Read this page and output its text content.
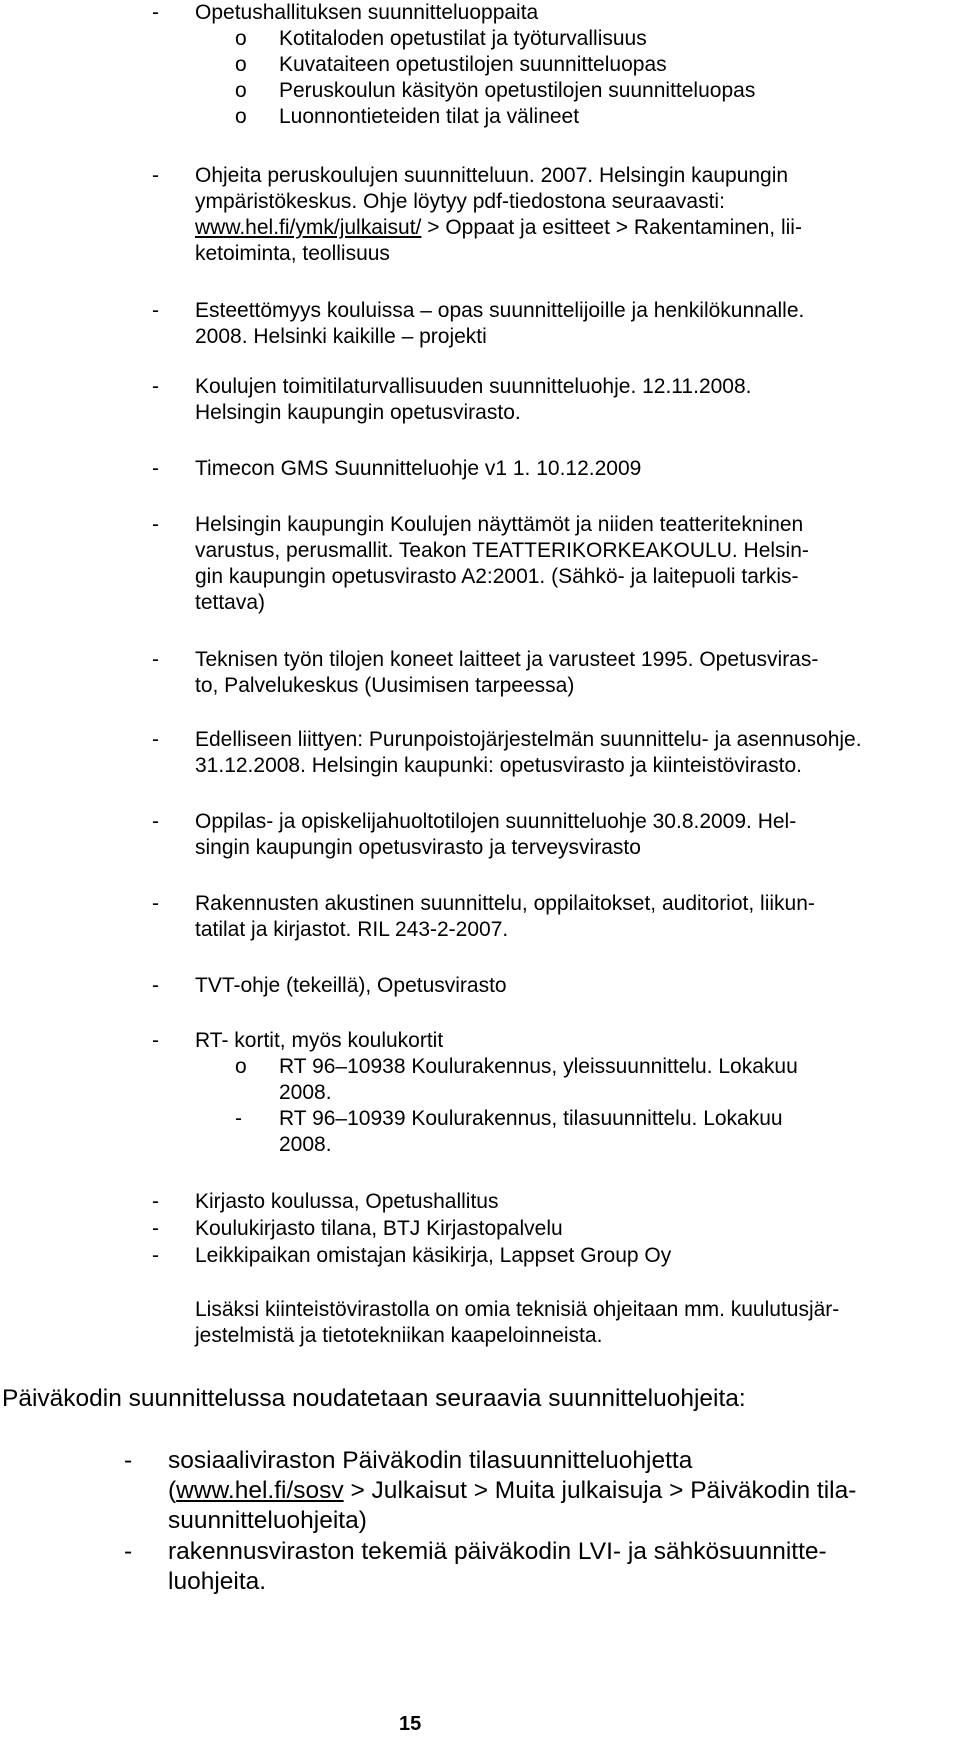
- Opetushallituksen suunnitteluoppaita
o Kotitaloden opetustilat ja työturvallisuus
o Kuvataiteen opetustilojen suunnitteluopas
o Peruskoulun käsityön opetustilojen suunnitteluopas
o Luonnontieteiden tilat ja välineet
- Ohjeita peruskoulujen suunnitteluun. 2007. Helsingin kaupungin
ympäristökeskus. Ohje löytyy pdf-tiedostona seuraavasti:
www.hel.fi/ymk/julkaisut/ > Oppaat ja esitteet > Rakentaminen, lii-
ketoiminta, teollisuus
- Esteettömyys kouluissa – opas suunnittelijoille ja henkilökunnalle.
2008. Helsinki kaikille – projekti
- Koulujen toimitilaturvallisuuden suunnitteluohje. 12.11.2008.
Helsingin kaupungin opetusvirasto.
- Timecon GMS Suunnitteluohje v1 1. 10.12.2009
- Helsingin kaupungin Koulujen näyttämöt ja niiden teatteritekninen
varustus, perusmallit. Teakon TEATTERIKORKEAKOULU. Helsin-
gin kaupungin opetusvirasto A2:2001. (Sähkö- ja laitepuoli tarkis-
tettava)
- Teknisen työn tilojen koneet laitteet ja varusteet 1995. Opetusviras-
to, Palvelukeskus (Uusimisen tarpeessa)
- Edelliseen liittyen: Purunpoistojärjestelmän suunnittelu- ja asennusohje.
31.12.2008. Helsingin kaupunki: opetusvirasto ja kiinteistövirasto.
- Oppilas- ja opiskelijahuoltotilojen suunnitteluohje 30.8.2009. Hel-
singin kaupungin opetusvirasto ja terveysvirasto
- Rakennusten akustinen suunnittelu, oppilaitokset, auditoriot, liikun-
tatilat ja kirjastot. RIL 243-2-2007.
- TVT-ohje (tekeillä), Opetusvirasto
- RT- kortit, myös koulukortit
o RT 96–10938 Koulurakennus, yleissuunnittelu. Lokakuu
2008.
- RT 96–10939 Koulurakennus, tilasuunnittelu. Lokakuu
2008.
- Kirjasto koulussa, Opetushallitus
- Koulukirjasto tilana, BTJ Kirjastopalvelu
- Leikkipaikan omistajan käsikirja, Lappset Group Oy
Lisäksi kiinteistövirastolla on omia teknisiä ohjeitaan mm. kuulutusjär-
jestelmistä ja tietotekniikan kaapeloinneista.
Päiväkodin suunnittelussa noudatetaan seuraavia suunnitteluohjeita:
- sosiaaliviraston Päiväkodin tilasuunnitteluohjetta
(www.hel.fi/sosv > Julkaisut > Muita julkaisuja > Päiväkodin tila-
suunnitteluohjeita)
- rakennusviraston tekemiä päiväkodin LVI- ja sähkösuunnitte-
luohjeita.
15
